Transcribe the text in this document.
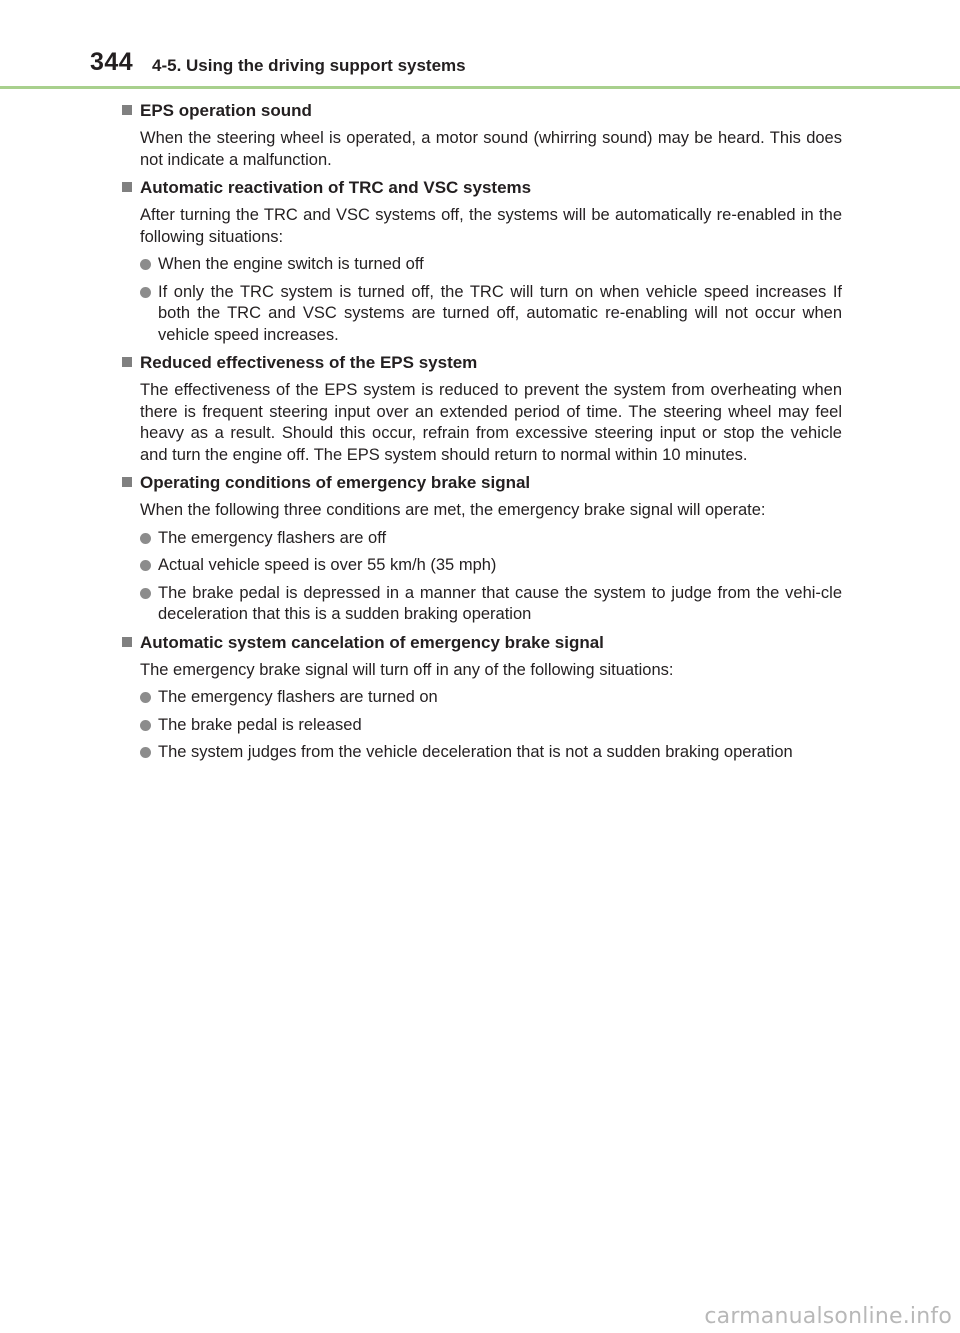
344 4-5. Using the driving support systems
EPS operation sound
When the steering wheel is operated, a motor sound (whirring sound) may be heard. This does not indicate a malfunction.
Automatic reactivation of TRC and VSC systems
After turning the TRC and VSC systems off, the systems will be automatically re-enabled in the following situations:
When the engine switch is turned off
If only the TRC system is turned off, the TRC will turn on when vehicle speed increases If both the TRC and VSC systems are turned off, automatic re-enabling will not occur when vehicle speed increases.
Reduced effectiveness of the EPS system
The effectiveness of the EPS system is reduced to prevent the system from overheating when there is frequent steering input over an extended period of time. The steering wheel may feel heavy as a result. Should this occur, refrain from excessive steering input or stop the vehicle and turn the engine off. The EPS system should return to normal within 10 minutes.
Operating conditions of emergency brake signal
When the following three conditions are met, the emergency brake signal will operate:
The emergency flashers are off
Actual vehicle speed is over 55 km/h (35 mph)
The brake pedal is depressed in a manner that cause the system to judge from the vehi-cle deceleration that this is a sudden braking operation
Automatic system cancelation of emergency brake signal
The emergency brake signal will turn off in any of the following situations:
The emergency flashers are turned on
The brake pedal is released
The system judges from the vehicle deceleration that is not a sudden braking operation
carmanualsonline.info
